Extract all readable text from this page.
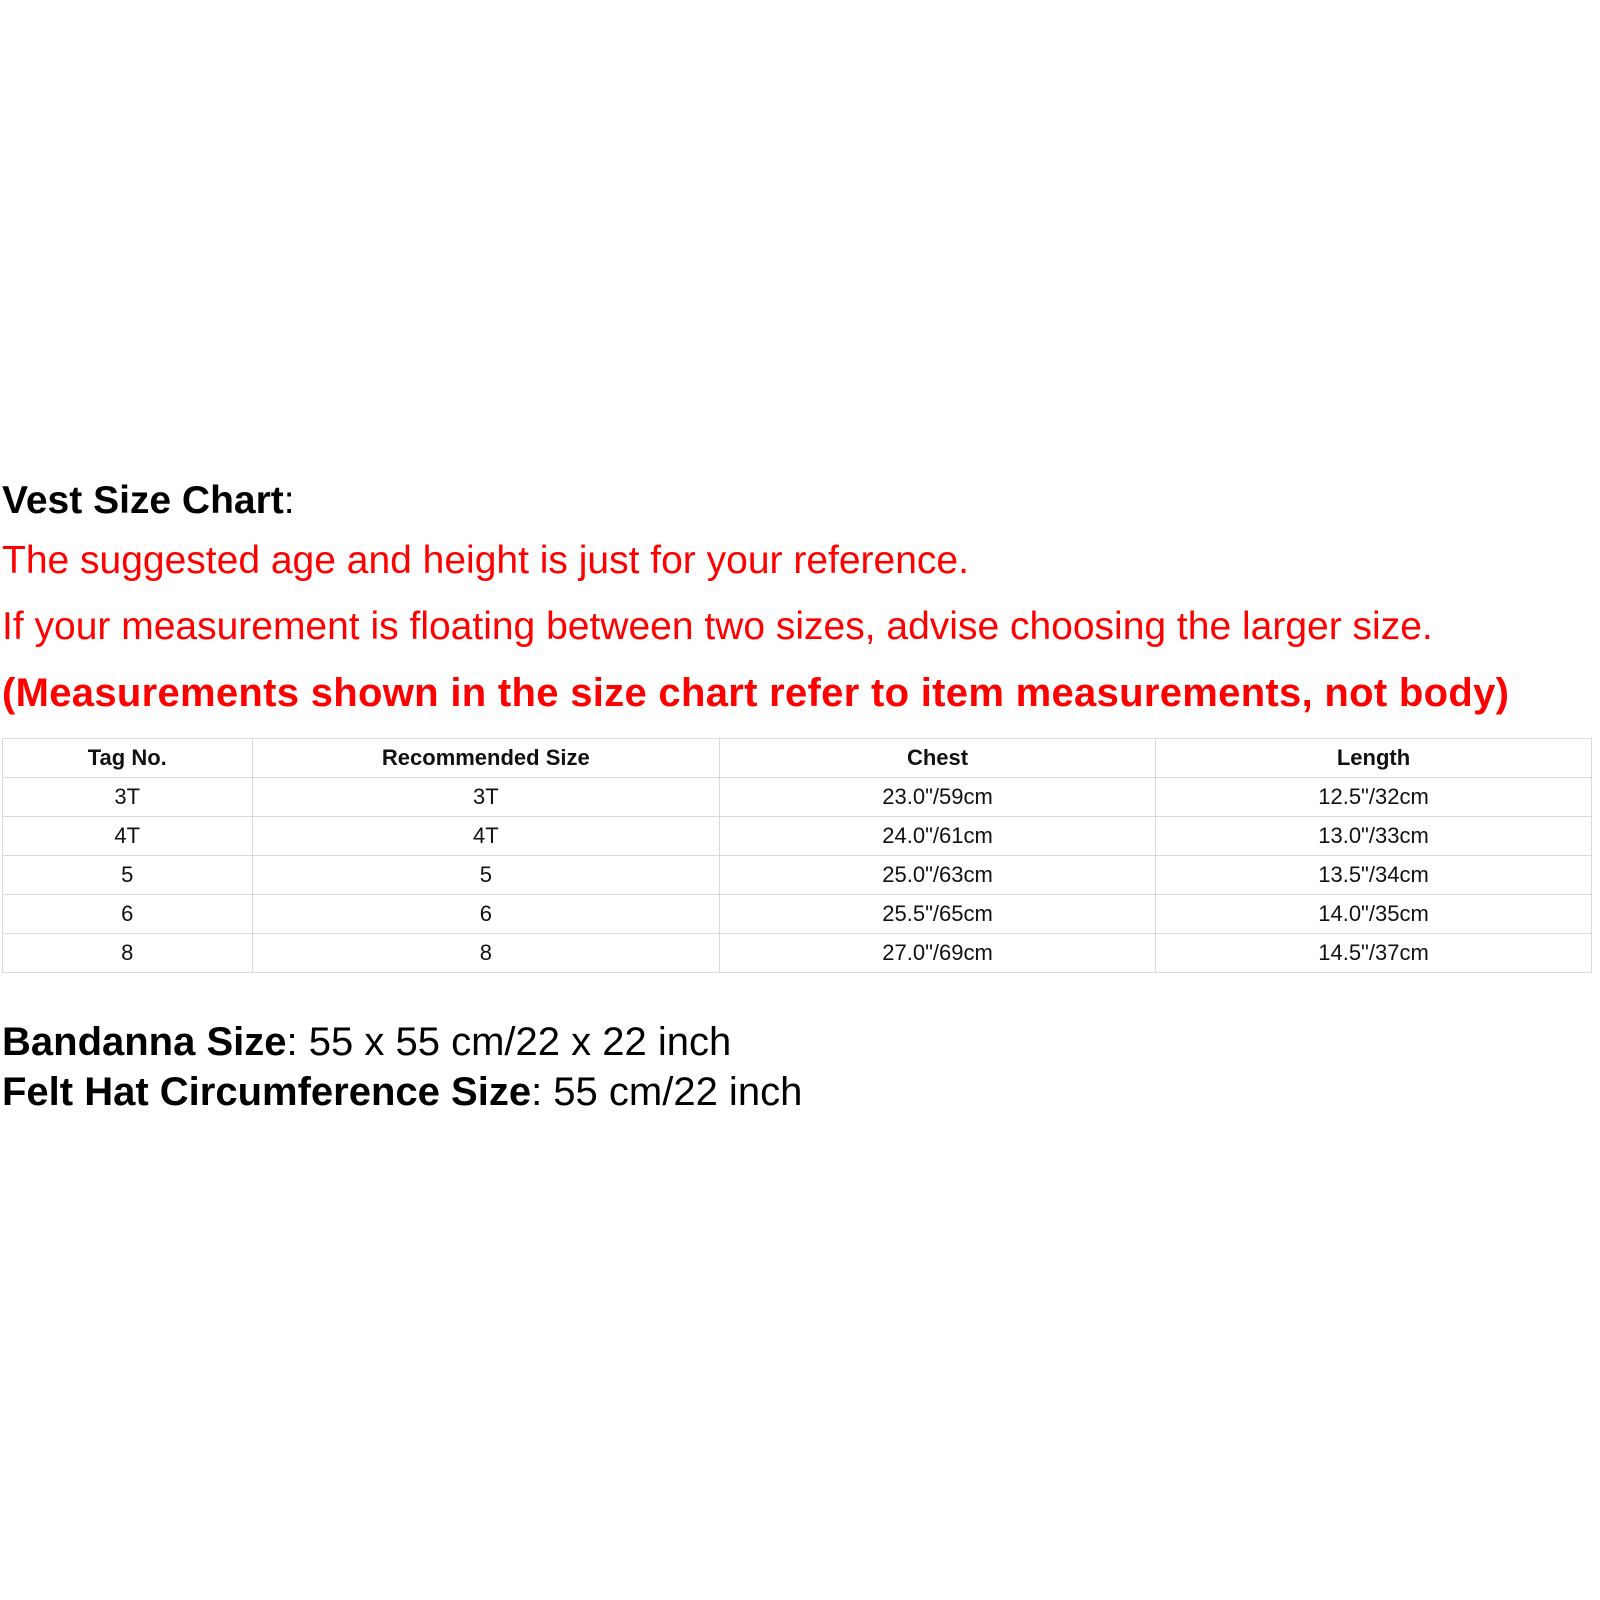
Vest Size Chart:
The suggested age and height is just for your reference.
If your measurement is floating between two sizes, advise choosing the larger size.
(Measurements shown in the size chart refer to item measurements, not body)
Tag No.	Recommended Size	Chest	Length
3T	3T	23.0"/59cm	12.5"/32cm
4T	4T	24.0"/61cm	13.0"/33cm
5	5	25.0"/63cm	13.5"/34cm
6	6	25.5"/65cm	14.0"/35cm
8	8	27.0"/69cm	14.5"/37cm
Bandanna Size: 55 x 55 cm/22 x 22 inch
Felt Hat Circumference Size: 55 cm/22 inch
